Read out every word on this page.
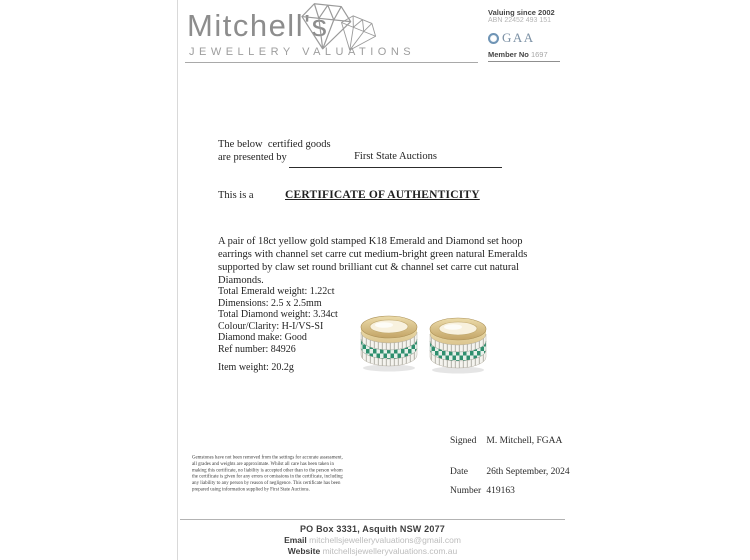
Mitchell's
JEWELLERY VALUATIONS
Valuing since 2002
ABN 22452 493 151
GAA
Member No 1697
The below  certified goods
are presented by	First State Auctions
This is a	CERTIFICATE OF AUTHENTICITY
A pair of 18ct yellow gold stamped K18 Emerald and Diamond set hoop earrings with channel set carre cut medium-bright green natural Emeralds supported by claw set round brilliant cut & channel set carre cut natural Diamonds.
Total Emerald weight: 1.22ct
Dimensions: 2.5 x 2.5mm
Total Diamond weight: 3.34ct
Colour/Clarity: H-I/VS-SI
Diamond make: Good
Ref number: 84926
Item weight: 20.2g
Signed M. Mitchell, FGAA
Date 26th September, 2024
Number 419163
Gemstones have not been removed from the settings for accurate assessment, all grades and weights are approximate. Whilst all care has been taken in making this certificate, no liability is accepted other than to the person whom the certificate is given for any errors or omissions in the certificate, including any liability to any person by reason of negligence. This certificate has been prepared using information supplied by First State Auctions.
PO Box 3331, Asquith NSW 2077
Email mitchellsjewelleryvaluations@gmail.com
Website mitchellsjewelleryvaluations.com.au
